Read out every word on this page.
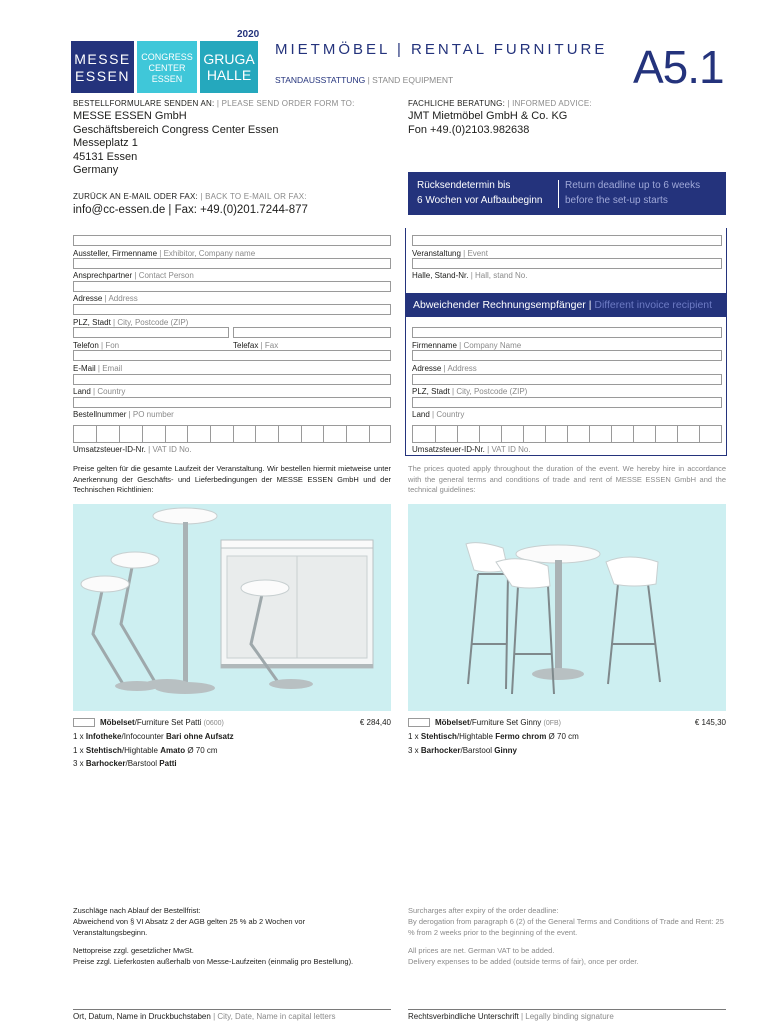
2020
MESSE
ESSEN
CONGRESS
CENTER
ESSEN
GRUGA
HALLE
MIETMÖBEL | RENTAL FURNITURE
STANDAUSSTATTUNG | STAND EQUIPMENT	A5.1
BESTELLFORMULARE SENDEN AN: | PLEASE SEND ORDER FORM TO:
MESSE ESSEN GmbH
Geschäftsbereich Congress Center Essen
Messeplatz 1
45131 Essen
Germany
FACHLICHE BERATUNG: | INFORMED ADVICE:
JMT Mietmöbel GmbH & Co. KG
Fon +49.(0)2103.982638
ZURÜCK AN E-MAIL ODER FAX: | BACK TO E-MAIL OR FAX:
info@cc-essen.de | Fax: +49.(0)201.7244-877
Rücksendetermin bis
6 Wochen vor Aufbaubeginn
Return deadline up to 6 weeks
before the set-up starts
Aussteller, Firmenname | Exhibitor, Company name
Ansprechpartner | Contact Person
Adresse | Address
PLZ, Stadt | City, Postcode (ZIP)
Telefon | Fon	Telefax | Fax
E-Mail | Email
Land | Country
Bestellnummer | PO number
Umsatzsteuer-ID-Nr. | VAT ID No.
Veranstaltung | Event
Halle, Stand-Nr. | Hall, stand No.
Abweichender Rechnungsempfänger | Different invoice recipient
Firmenname | Company Name
Adresse | Address
PLZ, Stadt | City, Postcode (ZIP)
Land | Country
Umsatzsteuer-ID-Nr. | VAT ID No.
Preise gelten für die gesamte Laufzeit der Veranstaltung. Wir bestellen hiermit mietweise unter Anerkennung der Geschäfts- und Lieferbedingungen der MESSE ESSEN GmbH und der Technischen Richtlinien:
The prices quoted apply throughout the duration of the event. We hereby hire in accordance with the general terms and conditions of trade and rent of MESSE ESSEN GmbH and the technical guidelines:
Möbelset/Furniture Set Patti (0600)	€ 284,40
1 x Infotheke/Infocounter Bari ohne Aufsatz
1 x Stehtisch/Hightable Amato Ø 70 cm
3 x Barhocker/Barstool Patti
Möbelset/Furniture Set Ginny (0FB)	€ 145,30
1 x Stehtisch/Hightable Fermo chrom Ø 70 cm
3 x Barhocker/Barstool Ginny
Zuschläge nach Ablauf der Bestellfrist:
Abweichend von § VI Absatz 2 der AGB gelten 25 % ab 2 Wochen vor Veranstaltungsbeginn.
Surcharges after expiry of the order deadline:
By derogation from paragraph 6 (2) of the General Terms and Conditions of Trade and Rent: 25 % from 2 weeks prior to the beginning of the event.
Nettopreise zzgl. gesetzlicher MwSt.
Preise zzgl. Lieferkosten außerhalb von Messe-Laufzeiten (einmalig pro Bestellung).
All prices are net. German VAT to be added.
Delivery expenses to be added (outside terms of fair), once per order.
Ort, Datum, Name in Druckbuchstaben | City, Date, Name in capital letters	Rechtsverbindliche Unterschrift | Legally binding signature
